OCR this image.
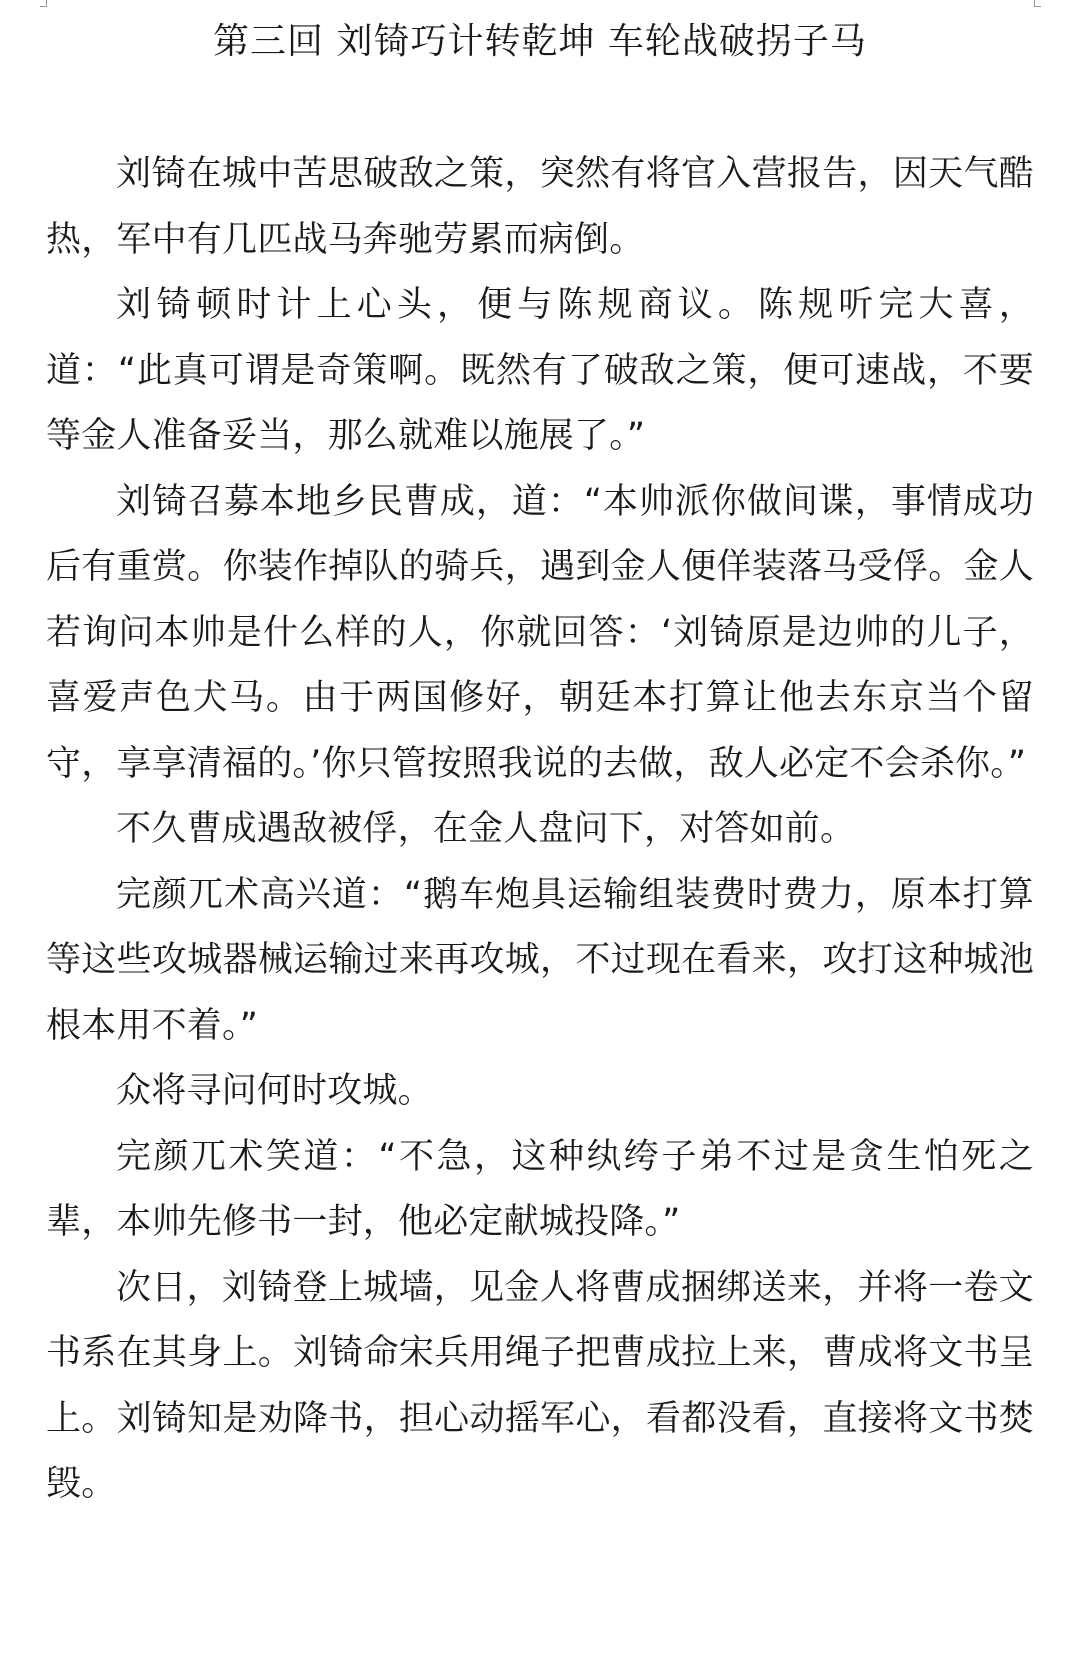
第三回 刘锜巧计转乾坤 车轮战破拐子马

刘锜在城中苦思破敌之策，突然有将官入营报告，因天气酷热，军中有几匹战马奔驰劳累而病倒。

刘锜顿时计上心头，便与陈规商议。陈规听完大喜，道：“此真可谓是奇策啊。既然有了破敌之策，便可速战，不要等金人准备妥当，那么就难以施展了。”

刘锜召募本地乡民曹成，道：“本帅派你做间谍，事情成功后有重赏。你装作掉队的骑兵，遇到金人便佯装落马受俘。金人若询问本帅是什么样的人，你就回答：‘刘锜原是边帅的儿子，喜爱声色犬马。由于两国修好，朝廷本打算让他去东京当个留守，享享清福的。’你只管按照我说的去做，敌人必定不会杀你。”

不久曹成遇敌被俘，在金人盘问下，对答如前。

完颜兀术高兴道：“鹅车炮具运输组装费时费力，原本打算等这些攻城器械运输过来再攻城，不过现在看来，攻打这种城池根本用不着。”

众将寻问何时攻城。

完颜兀术笑道：“不急，这种纨绔子弟不过是贪生怕死之辈，本帅先修书一封，他必定献城投降。”

次日，刘锜登上城墙，见金人将曹成捆绑送来，并将一卷文书系在其身上。刘锜命宋兵用绳子把曹成拉上来，曹成将文书呈上。刘锜知是劝降书，担心动摇军心，看都没看，直接将文书焚毁。
